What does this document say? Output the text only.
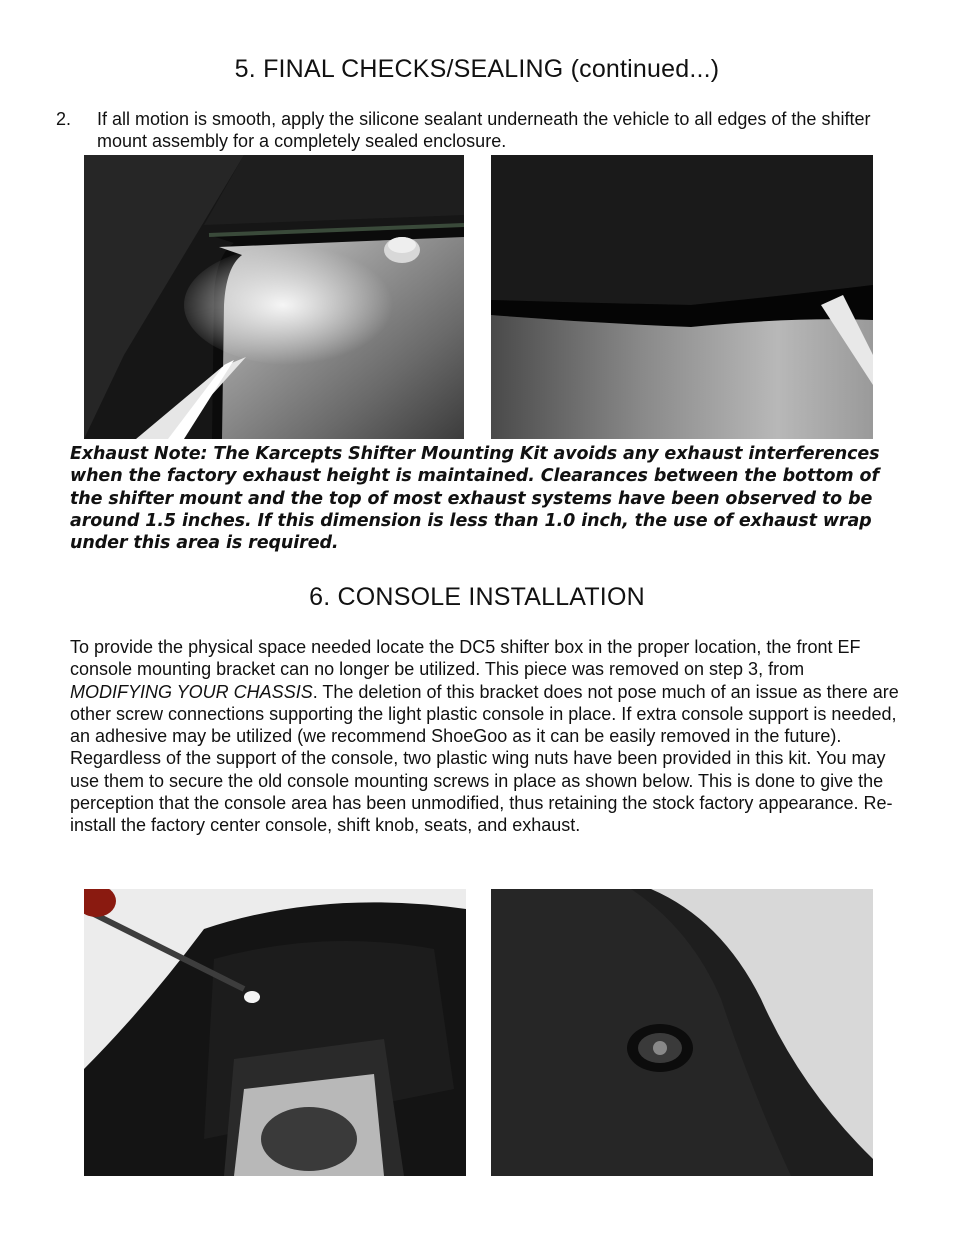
5. FINAL CHECKS/SEALING (continued...)
2. If all motion is smooth, apply the silicone sealant underneath the vehicle to all edges of the shifter mount assembly for a completely sealed enclosure.
Exhaust Note: The Karcepts Shifter Mounting Kit avoids any exhaust interferences when the factory exhaust height is maintained. Clearances between the bottom of the shifter mount and the top of most exhaust systems have been observed to be around 1.5 inches. If this dimension is less than 1.0 inch, the use of exhaust wrap under this area is required.
6. CONSOLE INSTALLATION

To provide the physical space needed locate the DC5 shifter box in the proper location, the front EF console mounting bracket can no longer be utilized. This piece was removed on step 3, from MODIFYING YOUR CHASSIS. The deletion of this bracket does not pose much of an issue as there are other screw connections supporting the light plastic console in place. If extra console support is needed, an adhesive may be utilized (we recommend ShoeGoo as it can be easily removed in the future). Regardless of the support of the console, two plastic wing nuts have been provided in this kit. You may use them to secure the old console mounting screws in place as shown below. This is done to give the perception that the console area has been unmodified, thus retaining the stock factory appearance. Re-install the factory center console, shift knob, seats, and exhaust.
